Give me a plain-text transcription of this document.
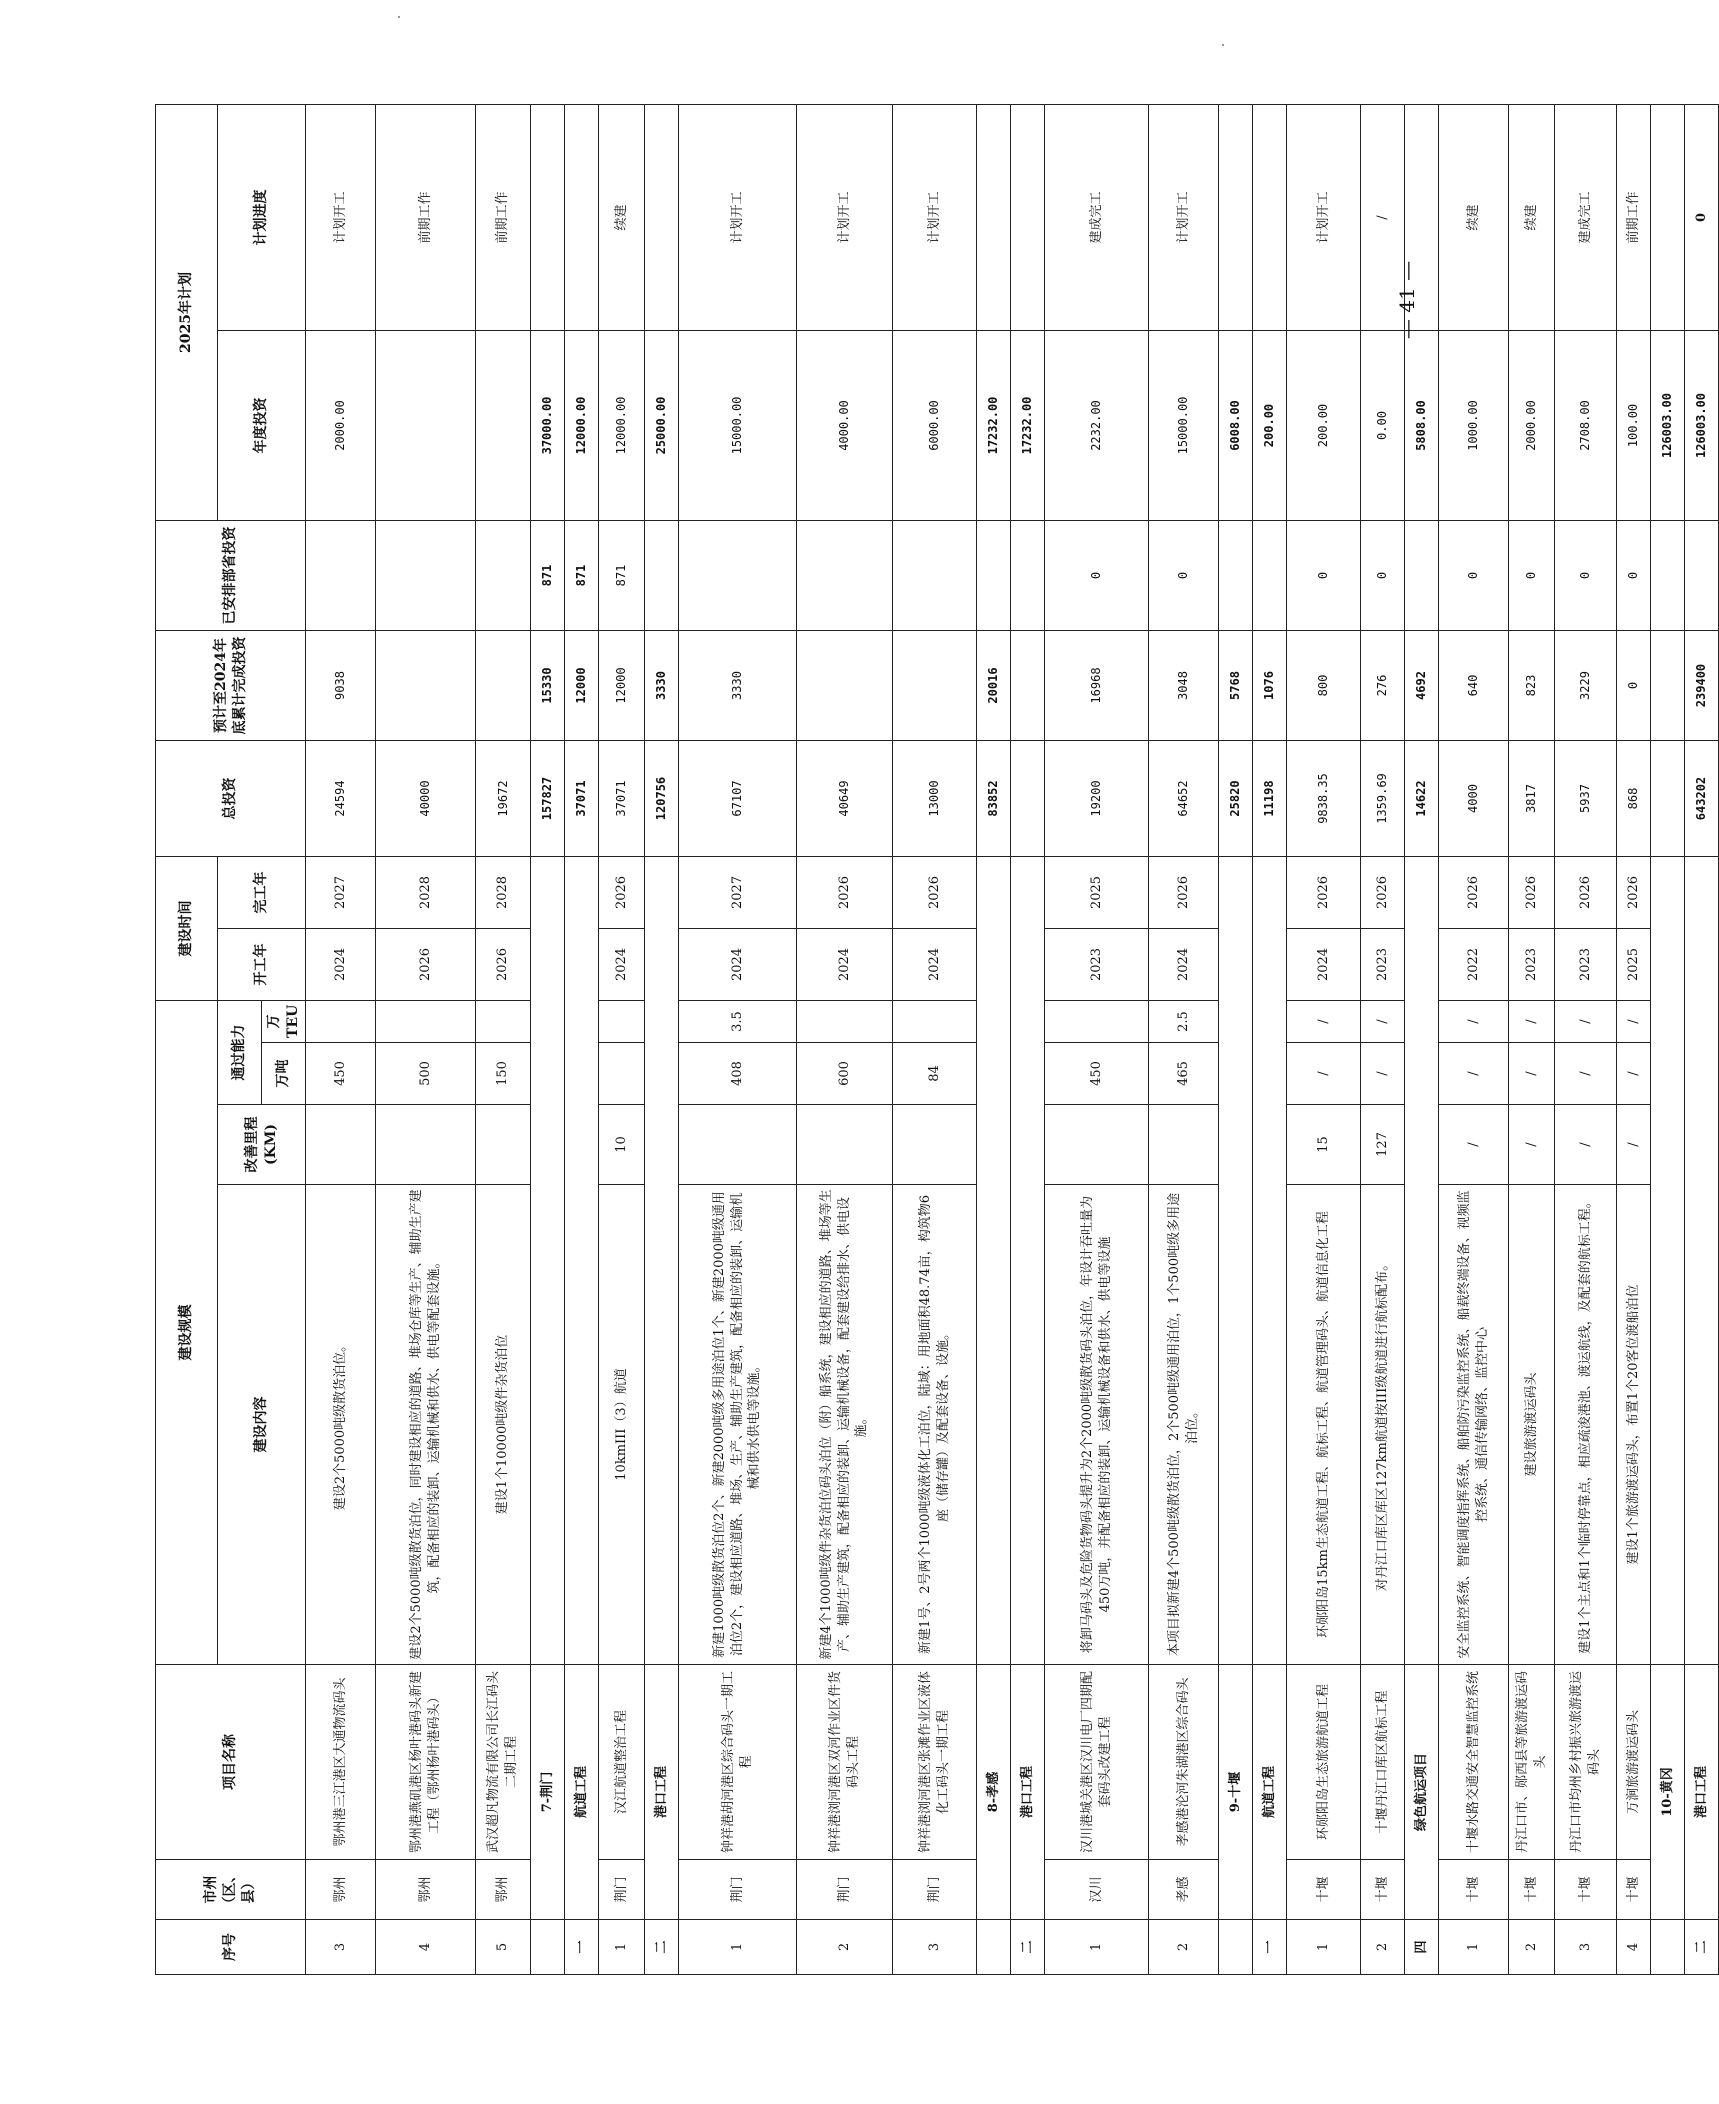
序号	市州（区、县）	项目名称	建设规模				建设时间		总投资	预计至2024年底累计完成投资	已安排部省投资	2025年计划	
			建设内容	改善里程(KM)	通过能力		开工年	完工年				年度投资	计划进度
					万吨	万TEU							
3	鄂州	鄂州港三江港区大通物流码头	建设2个5000吨级散货泊位。		450		2024	2027	24594	9038		2000.00	计划开工
4	鄂州	鄂州港燕矶港区杨叶港码头新建工程（鄂州杨叶港码头）	建设2个5000吨级散货泊位，同时建设相应的道路、堆场仓库等生产、辅助生产建筑，配备相应的装卸、运输机械和供水、供电等配套设施。		500		2026	2028	40000				前期工作
5	鄂州	武汉超凡物流有限公司长江码头二期工程	建设1个10000吨级件杂货泊位		150		2026	2028	19672				前期工作
	7-荆门								157827	15330	871	37000.00	
一	航道工程								37071	12000	871	12000.00	
1	荆门	汉江航道整治工程	10kmIII（3）航道	10			2024	2026	37071	12000	871	12000.00	续建
二	港口工程								120756	3330		25000.00	
1	荆门	钟祥港胡河港区综合码头一期工程	新建1000吨级散货泊位2个、新建2000吨级多用途泊位1个、新建2000吨级通用泊位2个，建设相应道路、堆场、生产、辅助生产建筑，配备相应的装卸、运输机械和供水供电等设施。		408	3.5	2024	2027	67107	3330		15000.00	计划开工
2	荆门	钟祥港浏河港区双河作业区件货码头工程	新建4个1000吨级件杂货泊位码头泊位（附）船系统，建设相应的道路、堆场等生产、辅助生产建筑，配备相应的装卸、运输机械设备，配套建设给排水、供电设施。		600		2024	2026	40649			4000.00	计划开工
3	荆门	钟祥港浏河港区张滩作业区液体化工码头一期工程	新建1号、2号两个1000吨级液体化工泊位，陆域：用地面积48.74亩，构筑物6座（储存罐）及配套设备、设施。		84		2024	2026	13000			6000.00	计划开工
	8-孝感								83852	20016		17232.00	
二	港口工程											17232.00	
1	汉川	汉川港城关港区汉川电厂四期配套码头改建工程	将卸马码头及危险货物码头提升为2个2000吨级散货码头泊位，年设计吞吐量为450万吨，并配备相应的装卸、运输机械设备和供水、供电等设施		450		2023	2025	19200	16968	0	2232.00	建成完工
2	孝感	孝感港沦河朱湖港区综合码头	本项目拟新建4个500吨级散货泊位，2个500吨级通用泊位，1个500吨级多用途泊位。		465	2.5	2024	2026	64652	3048	0	15000.00	计划开工
	9-十堰								25820	5768		6008.00	
一	航道工程								11198	1076		200.00	
1	十堰	环郧阳岛生态旅游航道工程	环郧阳岛15km生态航道工程、航标工程、航道管理码头、航道信息化工程	15	/	/	2024	2026	9838.35	800	0	200.00	计划开工
2	十堰	十堰丹江口库区航标工程	对丹江口库区库区127km航道按III级航道进行航标配布。	127	/	/	2023	2026	1359.69	276	0	0.00	/
四	绿色航运项目								14622	4692		5808.00	
1	十堰	十堰水路交通安全智慧监控系统	安全监控系统、智能调度指挥系统、船舶防污染监控系统、船载终端设备、视频监控系统、通信传输网络、监控中心	/	/	/	2022	2026	4000	640	0	1000.00	续建
2	十堰	丹江口市、郧西县等旅游渡运码头	建设旅游渡运码头	/	/	/	2023	2026	3817	823	0	2000.00	续建
3	十堰	丹江口市均州乡村振兴旅游渡运码头	建设1个主点和1个临时停靠点，相应疏浚港池、渡运航线，及配套的航标工程。	/	/	/	2023	2026	5937	3229	0	2708.00	建成完工
4	十堰	万涧旅游渡运码头	建设1个旅游渡运码头，布置1个20客位渡船泊位	/	/	/	2025	2026	868	0	0	100.00	前期工作
	10-黄冈											126003.00	
二	港口工程								643202	239400		126003.00	0
— 41 —
